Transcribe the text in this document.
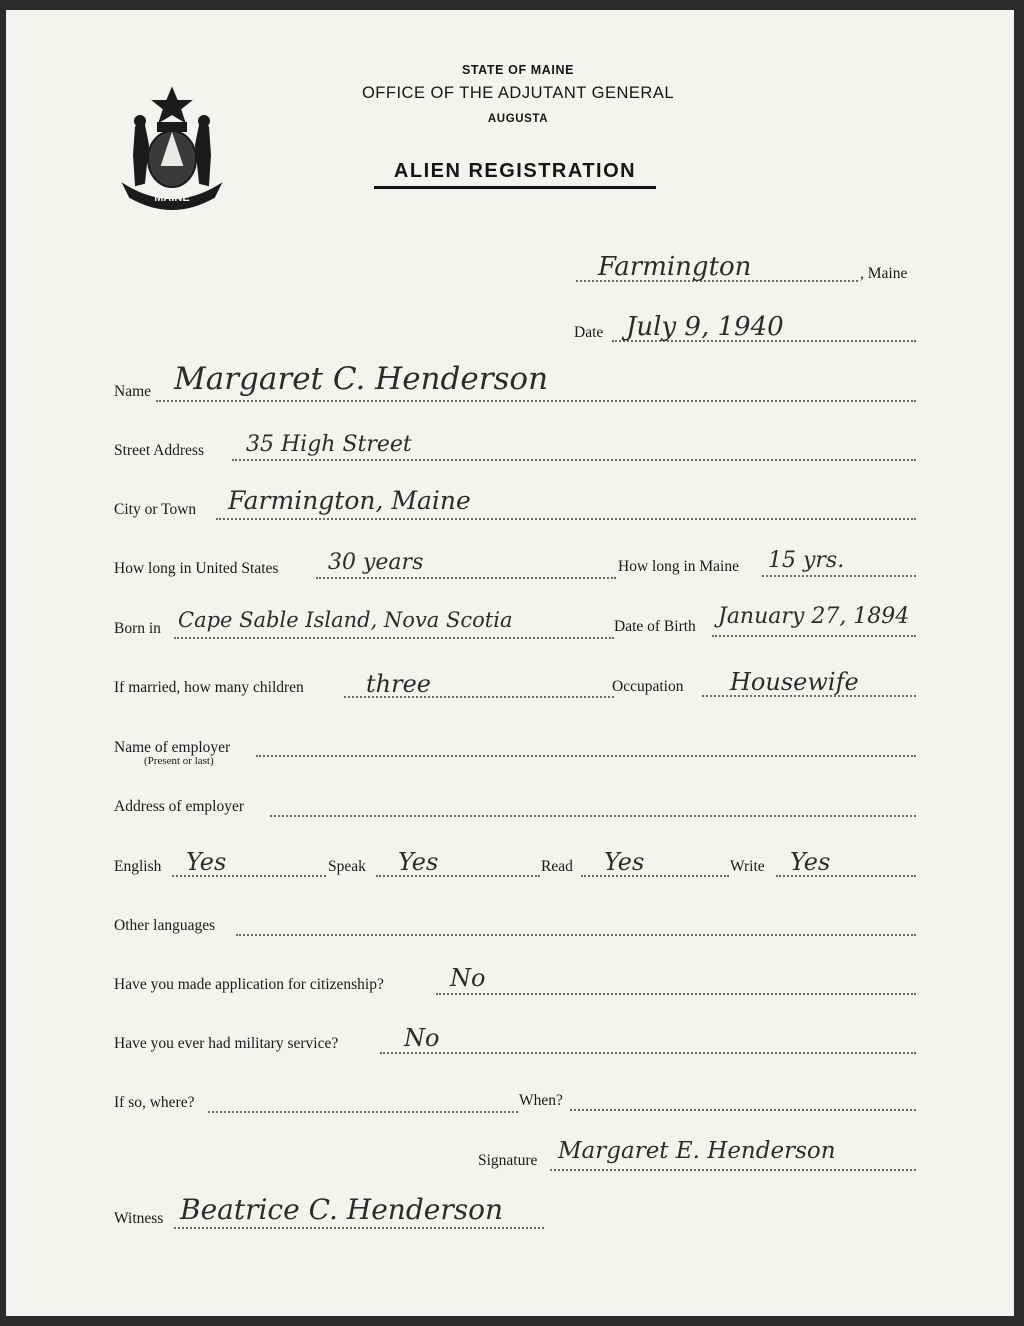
MAINE
STATE OF MAINE
OFFICE OF THE ADJUTANT GENERAL
AUGUSTA
ALIEN REGISTRATION
Farmington	, Maine
Date July 9, 1940
Name Margaret C. Henderson
Street Address 35 High Street
City or Town Farmington, Maine
How long in United States 30 years	How long in Maine 15 yrs.
Born in Cape Sable Island, Nova Scotia	Date of Birth January 27, 1894
If married, how many children	three	Occupation Housewife
Name of employer
(Present or last)
Address of employer
English Yes	Speak Yes	Read Yes	Write Yes
Other languages
Have you made application for citizenship?	No
Have you ever had military service?	No
If so, where?	When?
Signature Margaret E. Henderson
Witness Beatrice C. Henderson
